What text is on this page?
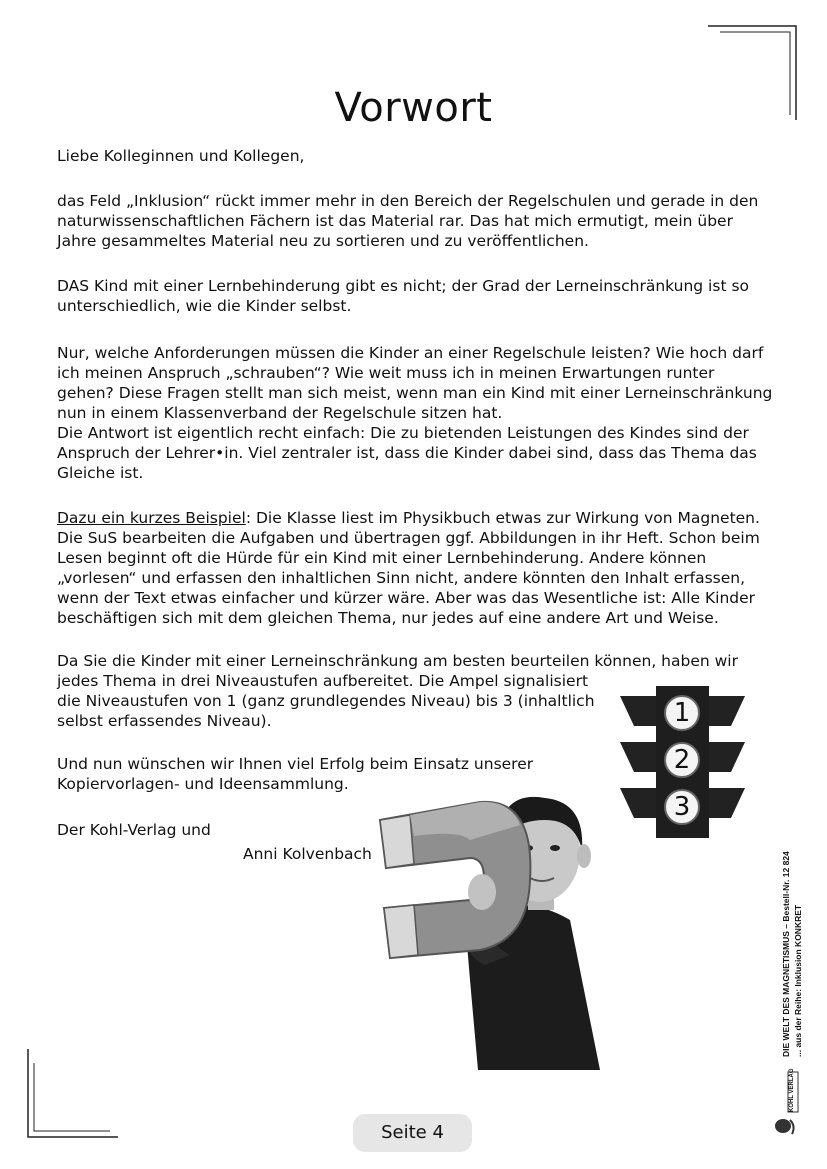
Vorwort

Liebe Kolleginnen und Kollegen,

das Feld „Inklusion“ rückt immer mehr in den Bereich der Regelschulen und gerade in den naturwissenschaftlichen Fächern ist das Material rar. Das hat mich ermutigt, mein über Jahre gesammeltes Material neu zu sortieren und zu veröffentlichen.

DAS Kind mit einer Lernbehinderung gibt es nicht; der Grad der Lerneinschränkung ist so unterschiedlich, wie die Kinder selbst.

Nur, welche Anforderungen müssen die Kinder an einer Regelschule leisten? Wie hoch darf ich meinen Anspruch „schrauben“? Wie weit muss ich in meinen Erwartungen runter gehen? Diese Fragen stellt man sich meist, wenn man ein Kind mit einer Lerneinschränkung nun in einem Klassenverband der Regelschule sitzen hat.

Die Antwort ist eigentlich recht einfach: Die zu bietenden Leistungen des Kindes sind der Anspruch der Lehrer•in. Viel zentraler ist, dass die Kinder dabei sind, dass das Thema das Gleiche ist.

Dazu ein kurzes Beispiel: Die Klasse liest im Physikbuch etwas zur Wirkung von Magneten. Die SuS bearbeiten die Aufgaben und übertragen ggf. Abbildungen in ihr Heft. Schon beim Lesen beginnt oft die Hürde für ein Kind mit einer Lernbehinderung. Andere können „vorlesen“ und erfassen den inhaltlichen Sinn nicht, andere könnten den Inhalt erfassen, wenn der Text etwas einfacher und kürzer wäre. Aber was das Wesentliche ist: Alle Kinder beschäftigen sich mit dem gleichen Thema, nur jedes auf eine andere Art und Weise.

Da Sie die Kinder mit einer Lerneinschränkung am besten beurteilen können, haben wir
jedes Thema in drei Niveaustufen aufbereitet. Die Ampel signalisiert
die Niveaustufen von 1 (ganz grundlegendes Niveau) bis 3 (inhaltlich
selbst erfassendes Niveau).

Und nun wünschen wir Ihnen viel Erfolg beim Einsatz unserer
Kopiervorlagen- und Ideensammlung.

Der Kohl-Verlag und

Anni Kolvenbach

1
2
3
DIE WELT DES MAGNETISMUS – Bestell-Nr. 12 824 ... aus der Reihe: Inklusion KONKRET
KOHL VERLAG
Seite 4
